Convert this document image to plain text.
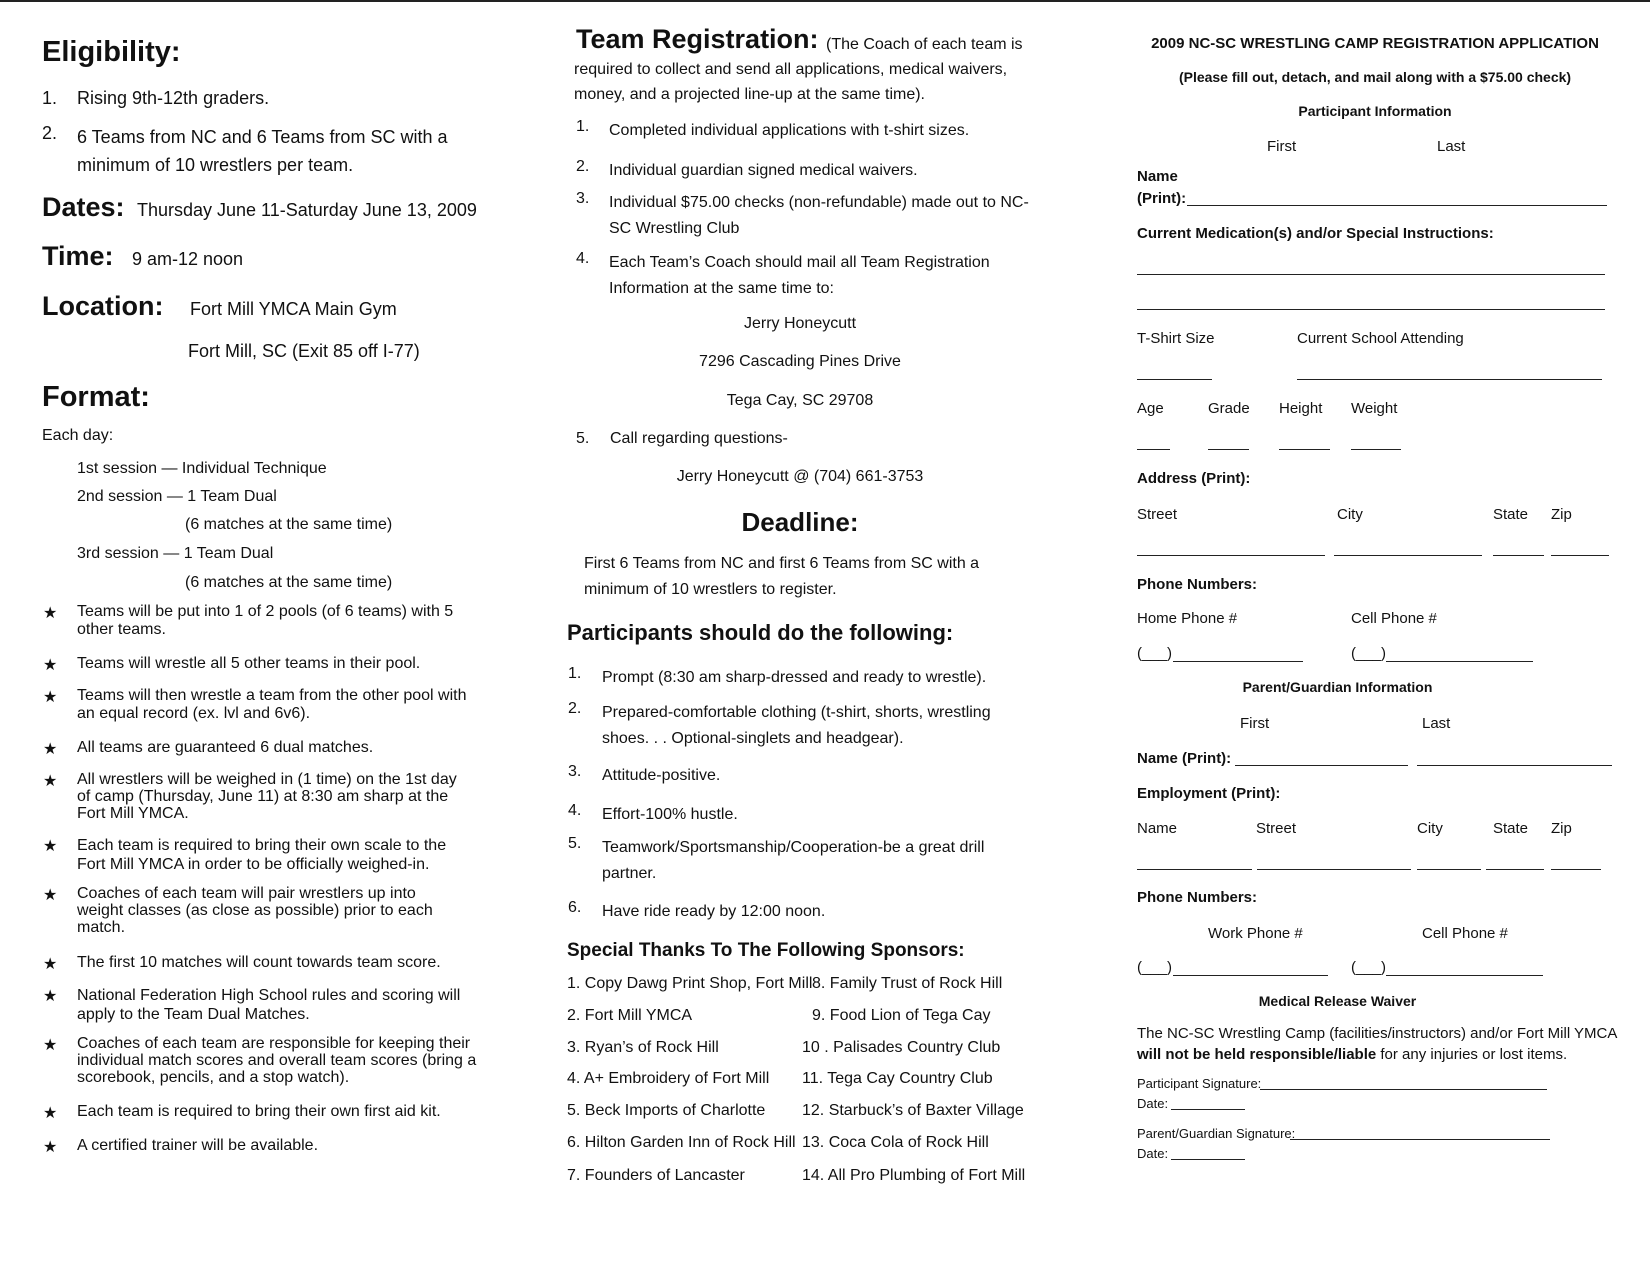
Eligibility:
1. Rising 9th-12th graders.
2. 6 Teams from NC and 6 Teams from SC with a minimum of 10 wrestlers per team.
Dates: Thursday June 11-Saturday June 13, 2009
Time: 9 am-12 noon
Location: Fort Mill YMCA Main Gym
Fort Mill, SC (Exit 85 off I-77)
Format:
Each day:
1st session — Individual Technique
2nd session — 1 Team Dual
(6 matches at the same time)
3rd session — 1 Team Dual
(6 matches at the same time)
★ Teams will be put into 1 of 2 pools (of 6 teams) with 5 other teams.
★ Teams will wrestle all 5 other teams in their pool.
★ Teams will then wrestle a team from the other pool with an equal record (ex. lvl and 6v6).
★ All teams are guaranteed 6 dual matches.
★ All wrestlers will be weighed in (1 time) on the 1st day of camp (Thursday, June 11) at 8:30 am sharp at the Fort Mill YMCA.
★ Each team is required to bring their own scale to the Fort Mill YMCA in order to be officially weighed-in.
★ Coaches of each team will pair wrestlers up into weight classes (as close as possible) prior to each match.
★ The first 10 matches will count towards team score.
★ National Federation High School rules and scoring will apply to the Team Dual Matches.
★ Coaches of each team are responsible for keeping their individual match scores and overall team scores (bring a scorebook, pencils, and a stop watch).
★ Each team is required to bring their own first aid kit.
★ A certified trainer will be available.
Team Registration: (The Coach of each team is required to collect and send all applications, medical waivers, money, and a projected line-up at the same time).
1.	Completed individual applications with t-shirt sizes.
2.	Individual guardian signed medical waivers.
3.	Individual $75.00 checks (non-refundable) made out to NC-SC Wrestling Club
4.	Each Team’s Coach should mail all Team Registration Information at the same time to:
Jerry Honeycutt
7296 Cascading Pines Drive
Tega Cay, SC 29708
5.	Call regarding questions-
Jerry Honeycutt @ (704) 661-3753
Deadline:
First 6 Teams from NC and first 6 Teams from SC with a minimum of 10 wrestlers to register.
Participants should do the following:
1.	Prompt (8:30 am sharp-dressed and ready to wrestle).
2.	Prepared-comfortable clothing (t-shirt, shorts, wrestling shoes. . . Optional-singlets and headgear).
3.	Attitude-positive.
4.	Effort-100% hustle.
5.	Teamwork/Sportsmanship/Cooperation-be a great drill partner.
6.	Have ride ready by 12:00 noon.
Special Thanks To The Following Sponsors:
1. Copy Dawg Print Shop, Fort Mill
2. Fort Mill YMCA
3. Ryan’s of Rock Hill
4. A+ Embroidery of Fort Mill
5. Beck Imports of Charlotte
6. Hilton Garden Inn of Rock Hill
7. Founders of Lancaster
8. Family Trust of Rock Hill
9. Food Lion of Tega Cay
10 . Palisades Country Club
11. Tega Cay Country Club
12. Starbuck’s of Baxter Village
13. Coca Cola of Rock Hill
14. All Pro Plumbing of Fort Mill
2009 NC-SC WRESTLING CAMP REGISTRATION APPLICATION
(Please fill out, detach, and mail along with a $75.00 check)
Participant Information
First	Last
Name
(Print):
Current Medication(s) and/or Special Instructions:
T-Shirt Size	Current School Attending
Age	Grade Height Weight
Address (Print):
Street	City	State Zip
Phone Numbers:
Home Phone #	Cell Phone #
(___)	(___)
Parent/Guardian Information
First	Last
Name (Print):
Employment (Print):
Name	Street	City	State Zip
Phone Numbers:
Work Phone #	Cell Phone #
(___)	(___)
Medical Release Waiver
The NC-SC Wrestling Camp (facilities/instructors) and/or Fort Mill YMCA
will not be held responsible/liable for any injuries or lost items.
Participant Signature:
Date:
Parent/Guardian Signature:
Date:
